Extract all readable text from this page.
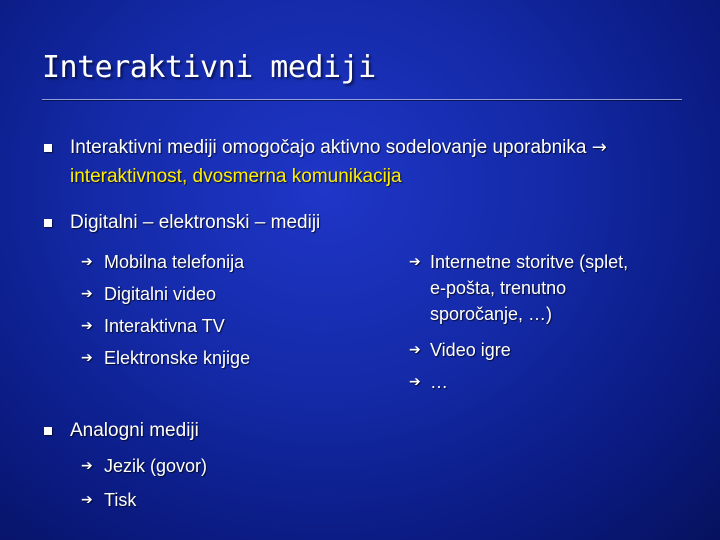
Interaktivni mediji
Interaktivni mediji omogočajo aktivno sodelovanje uporabnika →
interaktivnost, dvosmerna komunikacija
Digitalni – elektronski – mediji
➔ Mobilna telefonija
➔ Digitalni video
➔ Interaktivna TV
➔ Elektronske knjige
➔ Internetne storitve (splet,
e-pošta, trenutno
sporočanje, …)
➔ Video igre
➔ …
Analogni mediji
➔ Jezik (govor)
➔ Tisk
